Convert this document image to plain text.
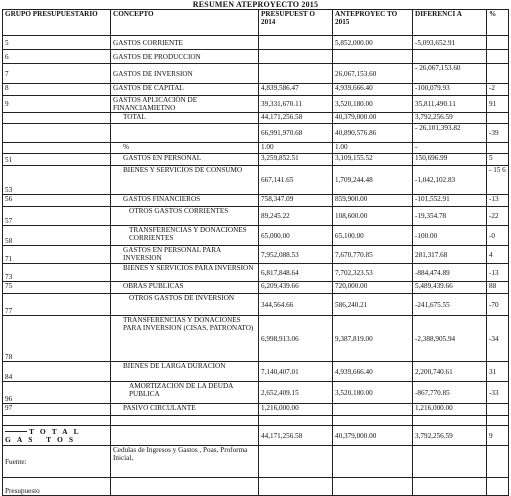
RESUMEN ATEPROYECTO 2015
GRUPO PRESUPUESTARIO	CONCEPTO	PRESUPUEST O 2014	ANTEPROYEC TO 2015	DIFERENCI A	%
5	GASTOS CORRIENTE		5,852,000.00	-5,093,652.91	
6	GASTOS DE PRODUCCION				
7	GASTOS DE INVERSION		26,067,153.60	- 26,067,153.60	
8	GASTOS DE CAPITAL	4,839,586.47	4,939,666.40	-100,079.93	-2
9	GASTOS APLICACIÓN DE FINANCIAMIETNO	39,331,670.11	3,520,180.00	35,811,490.11	91
	TOTAL	44,171,256.58	40,379,000.00	3,792,256.59	
		66,991,970.68	40,890,576.86	- 26,101,393.82	-39
	%	1.00	1.00	-	
51	GASTOS EN PERSONAL	3,259,852.51	3,109,155.52	150,696.99	5
53	BIENES Y SERVICIOS DE CONSUMO	667,141.65	1,709,244.48	-1,042,102.83	- 15 6
56	GASTOS FINANCIEROS	758,347.09	859,900.00	-101,552.91	-13
57	OTROS GASTOS CORRIENTES	89,245.22	108,600.00	-19,354.78	-22
58	TRANSFERENCIAS Y DONACIONES CORRIENTES	65,000.00	65,100.00	-100.00	-0
71	GASTOS EN PERSONAL PARA INVERSION	7,952,088.53	7,670,770.85	281,317.68	4
73	BIENES Y SERVICIOS PARA INVERSION	6,817,848.64	7,702,323.53	-884,474.89	-13
75	OBRAS PUBLICAS	6,209,439.66	720,000.00	5,489,439.66	88
77	OTROS GASTOS DE INVERSION	344,564.66	586,240.21	-241,675.55	-70
78	TRANSFERENCIAS Y DONACIONES PARA INVERSION (CISAS, PATRONATO)	6,998,913.06	9,387,819.00	-2,388,905.94	-34
84	BIENES DE LARGA DURACION	7,140,407.01	4,939,666.40	2,200,740.61	31
96	AMORTIZACION DE LA DEUDA PUBLICA	2,652,409.15	3,520,180.00	-867,770.85	-33
97	PASIVO CIRCULANTE	1,216,000.00		1,216,000.00	

TOTAL GAS TOS		44,171,256.58	40,379,000.00	3,792,256.59	9
Fuente:	Cedulas de Ingresos y Gastos , Poas, Proforma Inicial,				
Presupuesto					
